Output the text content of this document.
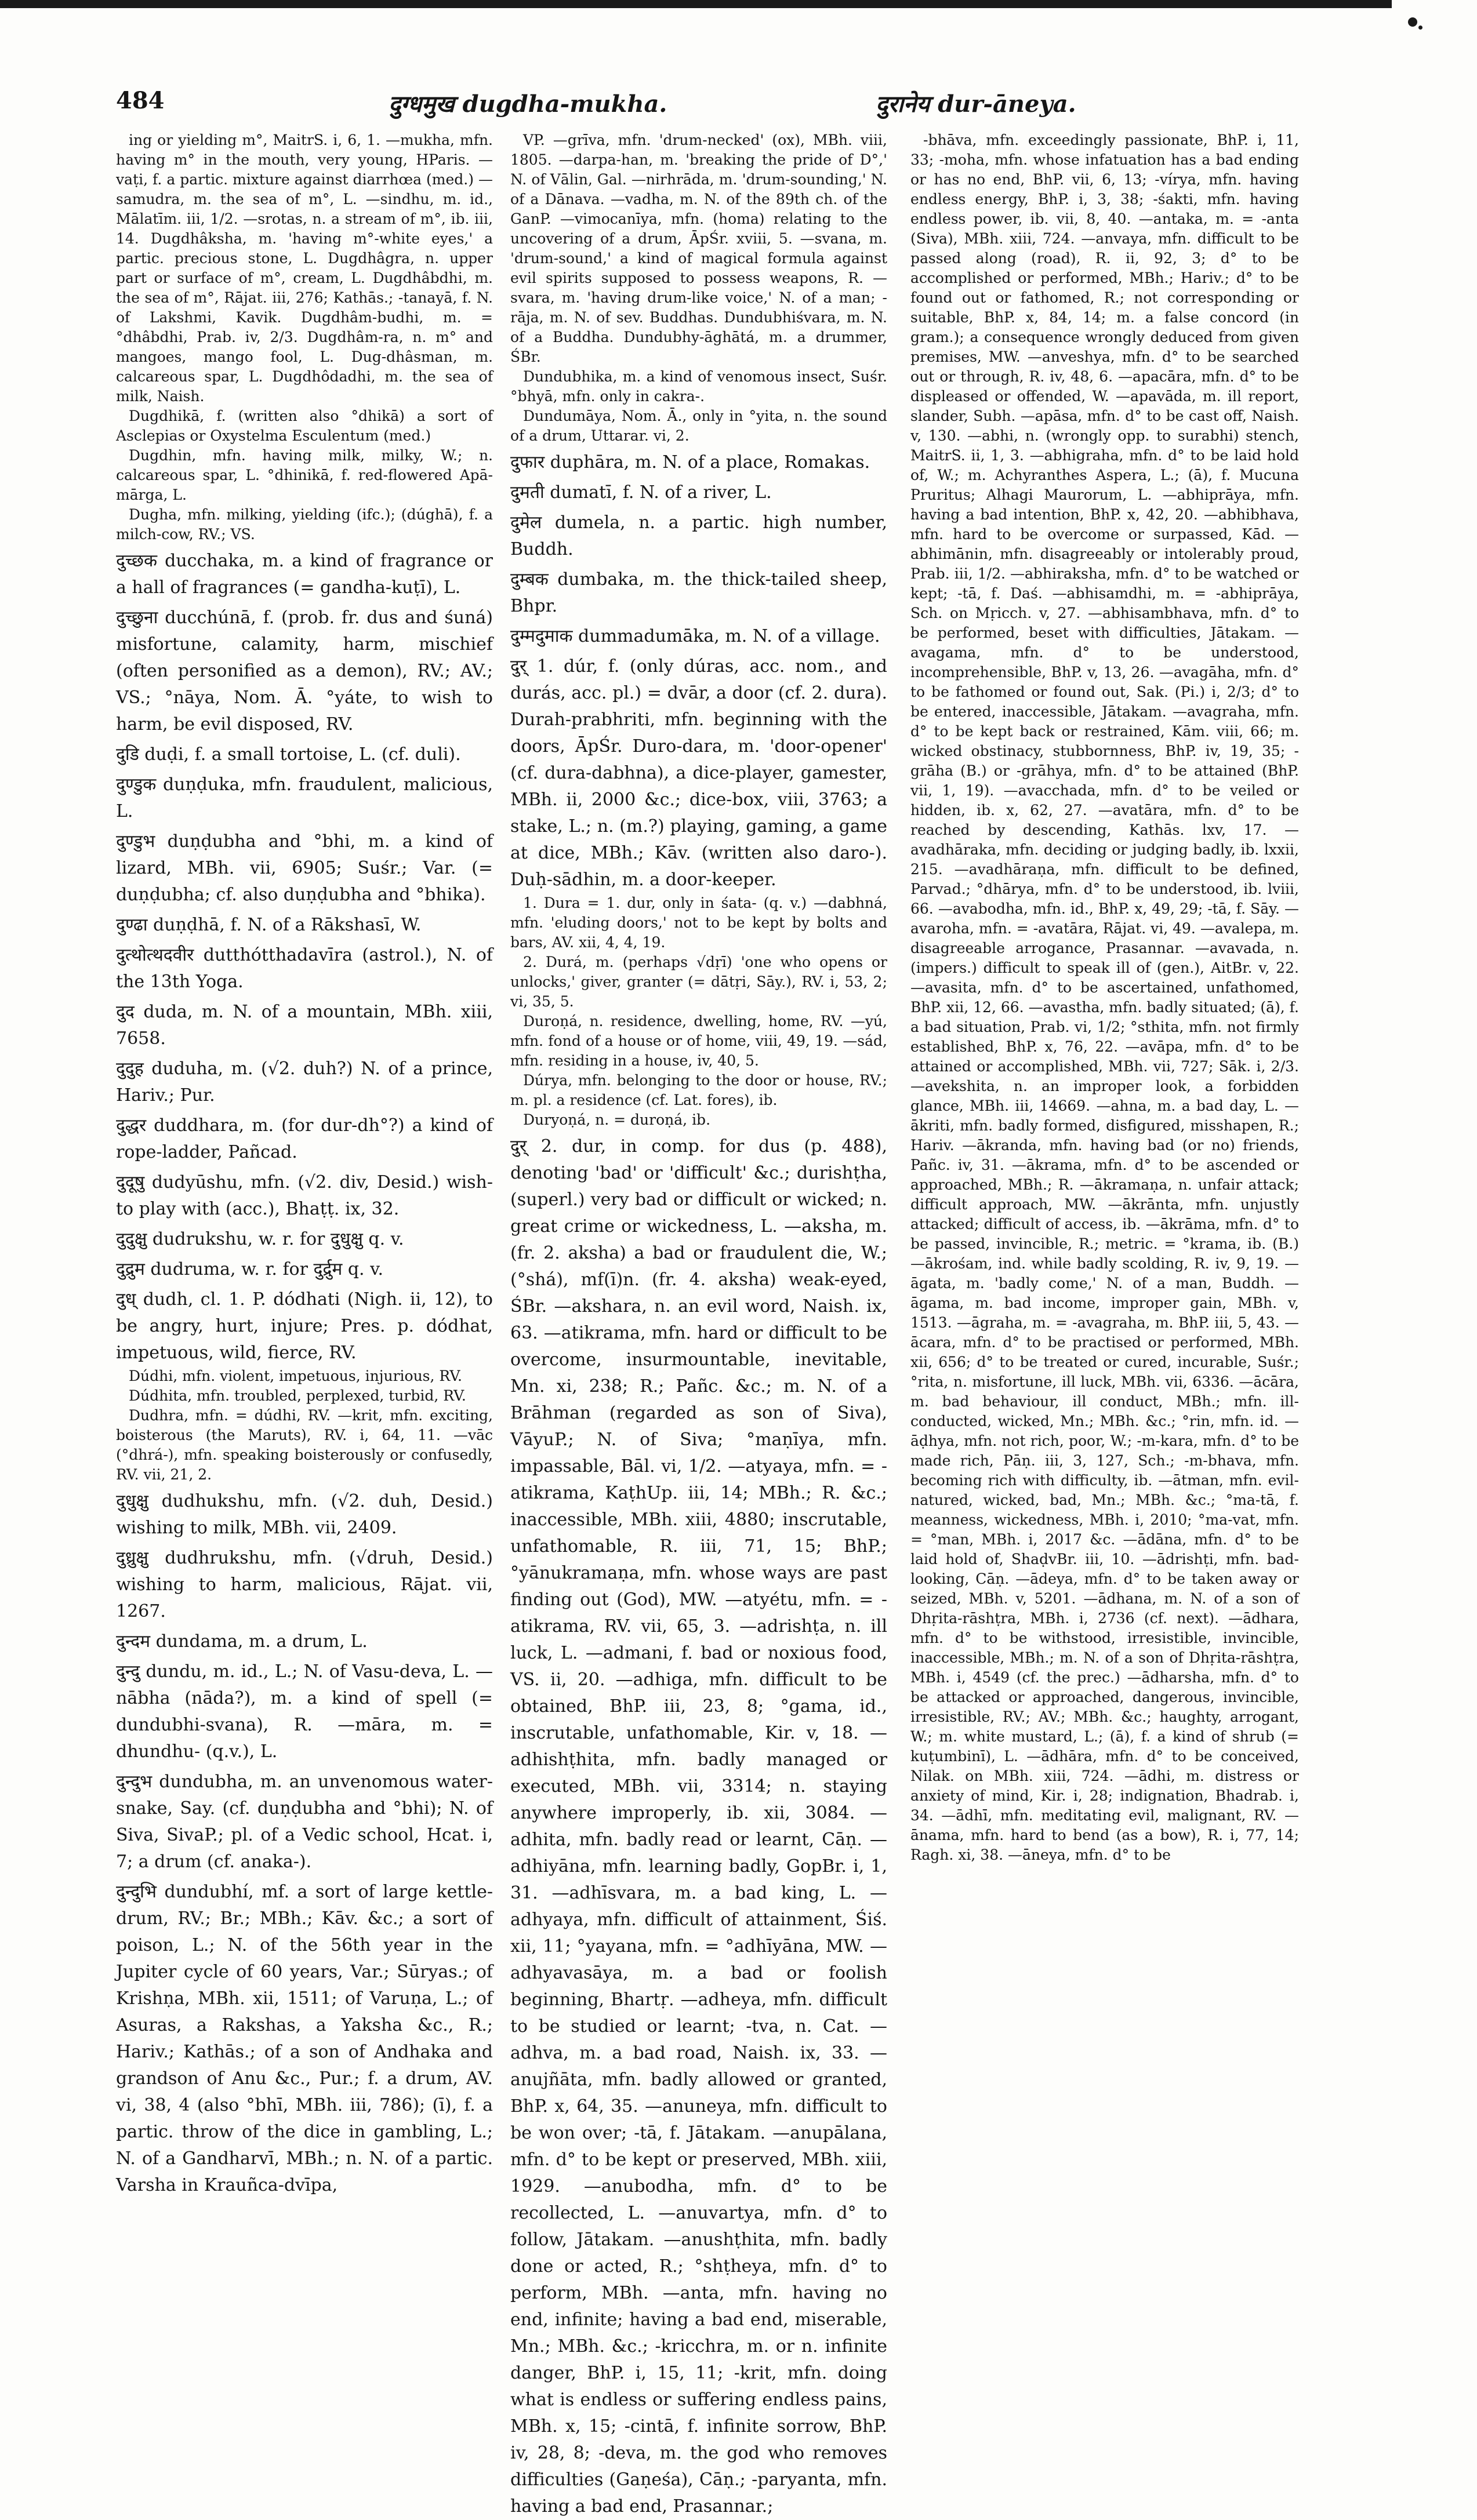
484	दुग्धमुख dugdha-mukha.	दुरानेय dur-āneya.

ing or yielding m°, MaitrS. i, 6, 1. —mukha, mfn. having m° in the mouth, very young, HParis. —vaṭi, f. a partic. mixture against diarrhœa (med.) —samudra, m. the sea of m°, L. —sindhu, m. id., Mālatīm. iii, 1/2. —srotas, n. a stream of m°, ib. iii, 14. Dugdhâksha, m. 'having m°-white eyes,' a partic. precious stone, L. Dugdhâgra, n. upper part or surface of m°, cream, L. Dugdhâbdhi, m. the sea of m°, Rājat. iii, 276; Kathās.; -tanayā, f. N. of Lakshmi, Kavik. Dugdhâm-budhi, m. = °dhâbdhi, Prab. iv, 2/3. Dugdhâm-ra, n. m° and mangoes, mango fool, L. Dug-dhâsman, m. calcareous spar, L. Dugdhôdadhi, m. the sea of milk, Naish.

Dugdhikā, f. (written also °dhikā) a sort of Asclepias or Oxystelma Esculentum (med.)

Dugdhin, mfn. having milk, milky, W.; n. calcareous spar, L. °dhinikā, f. red-flowered Apā-mārga, L.

Dugha, mfn. milking, yielding (ifc.); (dúghā), f. a milch-cow, RV.; VS.

दुच्छक ducchaka, m. a kind of fragrance or a hall of fragrances (= gandha-kuṭī), L.

दुच्छुना ducchúnā, f. (prob. fr. dus and śuná) misfortune, calamity, harm, mischief (often personified as a demon), RV.; AV.; VS.; °nāya, Nom. Ā. °yáte, to wish to harm, be evil disposed, RV.

दुडि duḍi, f. a small tortoise, L. (cf. duli).

दुण्डुक duṇḍuka, mfn. fraudulent, malicious, L.

दुण्डुभ duṇḍubha and °bhi, m. a kind of lizard, MBh. vii, 6905; Suśr.; Var. (= duṇḍubha; cf. also duṇḍubha and °bhika).

दुण्ढा duṇḍhā, f. N. of a Rākshasī, W.

दुत्थोत्थदवीर dutthótthadavīra (astrol.), N. of the 13th Yoga.

दुद duda, m. N. of a mountain, MBh. xiii, 7658.

दुदुह duduha, m. (√2. duh?) N. of a prince, Hariv.; Pur.

दुद्धर duddhara, m. (for dur-dh°?) a kind of rope-ladder, Pañcad.

दुदूषु dudyūshu, mfn. (√2. div, Desid.) wish-to play with (acc.), Bhaṭṭ. ix, 32.

दुदुक्षु dudrukshu, w. r. for दुधुक्षु q. v.

दुद्रुम dudruma, w. r. for दुर्द्रुम q. v.

दुध् dudh, cl. 1. P. dódhati (Nigh. ii, 12), to be angry, hurt, injure; Pres. p. dódhat, impetuous, wild, fierce, RV.

Dúdhi, mfn. violent, impetuous, injurious, RV.

Dúdhita, mfn. troubled, perplexed, turbid, RV.

Dudhra, mfn. = dúdhi, RV. —krit, mfn. exciting, boisterous (the Maruts), RV. i, 64, 11. —vāc (°dhrá-), mfn. speaking boisterously or confusedly, RV. vii, 21, 2.

दुधुक्षु dudhukshu, mfn. (√2. duh, Desid.) wishing to milk, MBh. vii, 2409.

दुध्रुक्षु dudhrukshu, mfn. (√druh, Desid.) wishing to harm, malicious, Rājat. vii, 1267.

दुन्दम dundama, m. a drum, L.

दुन्दु dundu, m. id., L.; N. of Vasu-deva, L. —nābha (nāda?), m. a kind of spell (= dundubhi-svana), R. —māra, m. = dhundhu- (q.v.), L.

दुन्दुभ dundubha, m. an unvenomous water-snake, Say. (cf. duṇḍubha and °bhi); N. of Siva, SivaP.; pl. of a Vedic school, Hcat. i, 7; a drum (cf. anaka-).

दुन्दुभि dundubhí, mf. a sort of large kettle-drum, RV.; Br.; MBh.; Kāv. &c.; a sort of poison, L.; N. of the 56th year in the Jupiter cycle of 60 years, Var.; Sūryas.; of Krishṇa, MBh. xii, 1511; of Varuṇa, L.; of Asuras, a Rakshas, a Yaksha &c., R.; Hariv.; Kathās.; of a son of Andhaka and grandson of Anu &c., Pur.; f. a drum, AV. vi, 38, 4 (also °bhī, MBh. iii, 786); (ī), f. a partic. throw of the dice in gambling, L.; N. of a Gandharvī, MBh.; n. N. of a partic. Varsha in Krauñca-dvīpa,

VP. —grīva, mfn. 'drum-necked' (ox), MBh. viii, 1805. —darpa-han, m. 'breaking the pride of D°,' N. of Vālin, Gal. —nirhrāda, m. 'drum-sounding,' N. of a Dānava. —vadha, m. N. of the 89th ch. of the GanP. —vimocanīya, mfn. (homa) relating to the uncovering of a drum, ĀpŚr. xviii, 5. —svana, m. 'drum-sound,' a kind of magical formula against evil spirits supposed to possess weapons, R. —svara, m. 'having drum-like voice,' N. of a man; -rāja, m. N. of sev. Buddhas. Dundubhiśvara, m. N. of a Buddha. Dundubhy-āghātá, m. a drummer, ŚBr.

Dundubhika, m. a kind of venomous insect, Suśr. °bhyā, mfn. only in cakra-.

Dundumāya, Nom. Ā., only in °yita, n. the sound of a drum, Uttarar. vi, 2.

दुफार duphāra, m. N. of a place, Romakas.

दुमती dumatī, f. N. of a river, L.

दुमेल dumela, n. a partic. high number, Buddh.

दुम्बक dumbaka, m. the thick-tailed sheep, Bhpr.

दुम्मदुमाक dummadumāka, m. N. of a village.

दुर् 1. dúr, f. (only dúras, acc. nom., and durás, acc. pl.) = dvār, a door (cf. 2. dura). Durah-prabhriti, mfn. beginning with the doors, ĀpŚr. Duro-dara, m. 'door-opener' (cf. dura-dabhna), a dice-player, gamester, MBh. ii, 2000 &c.; dice-box, viii, 3763; a stake, L.; n. (m.?) playing, gaming, a game at dice, MBh.; Kāv. (written also daro-). Duḥ-sādhin, m. a door-keeper.

1. Dura = 1. dur, only in śata- (q. v.) —dabhná, mfn. 'eluding doors,' not to be kept by bolts and bars, AV. xii, 4, 4, 19.

2. Durá, m. (perhaps √dṛī) 'one who opens or unlocks,' giver, granter (= dātṛi, Sāy.), RV. i, 53, 2; vi, 35, 5.

Duroṇá, n. residence, dwelling, home, RV. —yú, mfn. fond of a house or of home, viii, 49, 19. —sád, mfn. residing in a house, iv, 40, 5.

Dúrya, mfn. belonging to the door or house, RV.; m. pl. a residence (cf. Lat. fores), ib.

Duryoṇá, n. = duroṇá, ib.

दुर् 2. dur, in comp. for dus (p. 488), denoting 'bad' or 'difficult' &c.; durishṭha, (superl.) very bad or difficult or wicked; n. great crime or wickedness, L. —aksha, m. (fr. 2. aksha) a bad or fraudulent die, W.; (°shá), mf(ī)n. (fr. 4. aksha) weak-eyed, ŚBr. —akshara, n. an evil word, Naish. ix, 63. —atikrama, mfn. hard or difficult to be overcome, insurmountable, inevitable, Mn. xi, 238; R.; Pañc. &c.; m. N. of a Brāhman (regarded as son of Siva), VāyuP.; N. of Siva; °maṇīya, mfn. impassable, Bāl. vi, 1/2. —atyaya, mfn. = -atikrama, KaṭhUp. iii, 14; MBh.; R. &c.; inaccessible, MBh. xiii, 4880; inscrutable, unfathomable, R. iii, 71, 15; BhP.; °yānukramaṇa, mfn. whose ways are past finding out (God), MW. —atyétu, mfn. = -atikrama, RV. vii, 65, 3. —adrishṭa, n. ill luck, L. —admani, f. bad or noxious food, VS. ii, 20. —adhiga, mfn. difficult to be obtained, BhP. iii, 23, 8; °gama, id., inscrutable, unfathomable, Kir. v, 18. —adhishṭhita, mfn. badly managed or executed, MBh. vii, 3314; n. staying anywhere improperly, ib. xii, 3084. —adhita, mfn. badly read or learnt, Cāṇ. —adhiyāna, mfn. learning badly, GopBr. i, 1, 31. —adhīsvara, m. a bad king, L. —adhyaya, mfn. difficult of attainment, Śiś. xii, 11; °yayana, mfn. = °adhīyāna, MW. —adhyavasāya, m. a bad or foolish beginning, Bhartṛ. —adheya, mfn. difficult to be studied or learnt; -tva, n. Cat. —adhva, m. a bad road, Naish. ix, 33. —anujñāta, mfn. badly allowed or granted, BhP. x, 64, 35. —anuneya, mfn. difficult to be won over; -tā, f. Jātakam. —anupālana, mfn. d° to be kept or preserved, MBh. xiii, 1929. —anubodha, mfn. d° to be recollected, L. —anuvartya, mfn. d° to follow, Jātakam. —anushṭhita, mfn. badly done or acted, R.; °shṭheya, mfn. d° to perform, MBh. —anta, mfn. having no end, infinite; having a bad end, miserable, Mn.; MBh. &c.; -kricchra, m. or n. infinite danger, BhP. i, 15, 11; -krit, mfn. doing what is endless or suffering endless pains, MBh. x, 15; -cintā, f. infinite sorrow, BhP. iv, 28, 8; -deva, m. the god who removes difficulties (Gaṇeśa), Cāṇ.; -paryanta, mfn. having a bad end, Prasannar.;

-bhāva, mfn. exceedingly passionate, BhP. i, 11, 33; -moha, mfn. whose infatuation has a bad ending or has no end, BhP. vii, 6, 13; -vírya, mfn. having endless energy, BhP. i, 3, 38; -śakti, mfn. having endless power, ib. vii, 8, 40. —antaka, m. = -anta (Siva), MBh. xiii, 724. —anvaya, mfn. difficult to be passed along (road), R. ii, 92, 3; d° to be accomplished or performed, MBh.; Hariv.; d° to be found out or fathomed, R.; not corresponding or suitable, BhP. x, 84, 14; m. a false concord (in gram.); a consequence wrongly deduced from given premises, MW. —anveshya, mfn. d° to be searched out or through, R. iv, 48, 6. —apacāra, mfn. d° to be displeased or offended, W. —apavāda, m. ill report, slander, Subh. —apāsa, mfn. d° to be cast off, Naish. v, 130. —abhi, n. (wrongly opp. to surabhi) stench, MaitrS. ii, 1, 3. —abhigraha, mfn. d° to be laid hold of, W.; m. Achyranthes Aspera, L.; (ā), f. Mucuna Pruritus; Alhagi Maurorum, L. —abhiprāya, mfn. having a bad intention, BhP. x, 42, 20. —abhibhava, mfn. hard to be overcome or surpassed, Kād. —abhimānin, mfn. disagreeably or intolerably proud, Prab. iii, 1/2. —abhiraksha, mfn. d° to be watched or kept; -tā, f. Daś. —abhisamdhi, m. = -abhiprāya, Sch. on Mṛicch. v, 27. —abhisambhava, mfn. d° to be performed, beset with difficulties, Jātakam. —avagama, mfn. d° to be understood, incomprehensible, BhP. v, 13, 26. —avagāha, mfn. d° to be fathomed or found out, Sak. (Pi.) i, 2/3; d° to be entered, inaccessible, Jātakam. —avagraha, mfn. d° to be kept back or restrained, Kām. viii, 66; m. wicked obstinacy, stubbornness, BhP. iv, 19, 35; -grāha (B.) or -grāhya, mfn. d° to be attained (BhP. vii, 1, 19). —avacchada, mfn. d° to be veiled or hidden, ib. x, 62, 27. —avatāra, mfn. d° to be reached by descending, Kathās. lxv, 17. —avadhāraka, mfn. deciding or judging badly, ib. lxxii, 215. —avadhāraṇa, mfn. difficult to be defined, Parvad.; °dhārya, mfn. d° to be understood, ib. lviii, 66. —avabodha, mfn. id., BhP. x, 49, 29; -tā, f. Sāy. —avaroha, mfn. = -avatāra, Rājat. vi, 49. —avalepa, m. disagreeable arrogance, Prasannar. —avavada, n. (impers.) difficult to speak ill of (gen.), AitBr. v, 22. —avasita, mfn. d° to be ascertained, unfathomed, BhP. xii, 12, 66. —avastha, mfn. badly situated; (ā), f. a bad situation, Prab. vi, 1/2; °sthita, mfn. not firmly established, BhP. x, 76, 22. —avāpa, mfn. d° to be attained or accomplished, MBh. vii, 727; Sāk. i, 2/3. —avekshita, n. an improper look, a forbidden glance, MBh. iii, 14669. —ahna, m. a bad day, L. —ākriti, mfn. badly formed, disfigured, misshapen, R.; Hariv. —ākranda, mfn. having bad (or no) friends, Pañc. iv, 31. —ākrama, mfn. d° to be ascended or approached, MBh.; R. —ākramaṇa, n. unfair attack; difficult approach, MW. —ākrānta, mfn. unjustly attacked; difficult of access, ib. —ākrāma, mfn. d° to be passed, invincible, R.; metric. = °krama, ib. (B.) —ākrośam, ind. while badly scolding, R. iv, 9, 19. —āgata, m. 'badly come,' N. of a man, Buddh. —āgama, m. bad income, improper gain, MBh. v, 1513. —āgraha, m. = -avagraha, m. BhP. iii, 5, 43. —ācara, mfn. d° to be practised or performed, MBh. xii, 656; d° to be treated or cured, incurable, Suśr.; °rita, n. misfortune, ill luck, MBh. vii, 6336. —ācāra, m. bad behaviour, ill conduct, MBh.; mfn. ill-conducted, wicked, Mn.; MBh. &c.; °rin, mfn. id. —āḍhya, mfn. not rich, poor, W.; -m-kara, mfn. d° to be made rich, Pāṇ. iii, 3, 127, Sch.; -m-bhava, mfn. becoming rich with difficulty, ib. —ātman, mfn. evil-natured, wicked, bad, Mn.; MBh. &c.; °ma-tā, f. meanness, wickedness, MBh. i, 2010; °ma-vat, mfn. = °man, MBh. i, 2017 &c. —ādāna, mfn. d° to be laid hold of, ShaḍvBr. iii, 10. —ādrishṭi, mfn. bad-looking, Cāṇ. —ādeya, mfn. d° to be taken away or seized, MBh. v, 5201. —ādhana, m. N. of a son of Dhṛita-rāshṭra, MBh. i, 2736 (cf. next). —ādhara, mfn. d° to be withstood, irresistible, invincible, inaccessible, MBh.; m. N. of a son of Dhṛita-rāshṭra, MBh. i, 4549 (cf. the prec.) —ādharsha, mfn. d° to be attacked or approached, dangerous, invincible, irresistible, RV.; AV.; MBh. &c.; haughty, arrogant, W.; m. white mustard, L.; (ā), f. a kind of shrub (= kuṭumbinī), L. —ādhāra, mfn. d° to be conceived, Nilak. on MBh. xiii, 724. —ādhi, m. distress or anxiety of mind, Kir. i, 28; indignation, Bhadrab. i, 34. —ādhī, mfn. meditating evil, malignant, RV. —ānama, mfn. hard to bend (as a bow), R. i, 77, 14; Ragh. xi, 38. —āneya, mfn. d° to be
